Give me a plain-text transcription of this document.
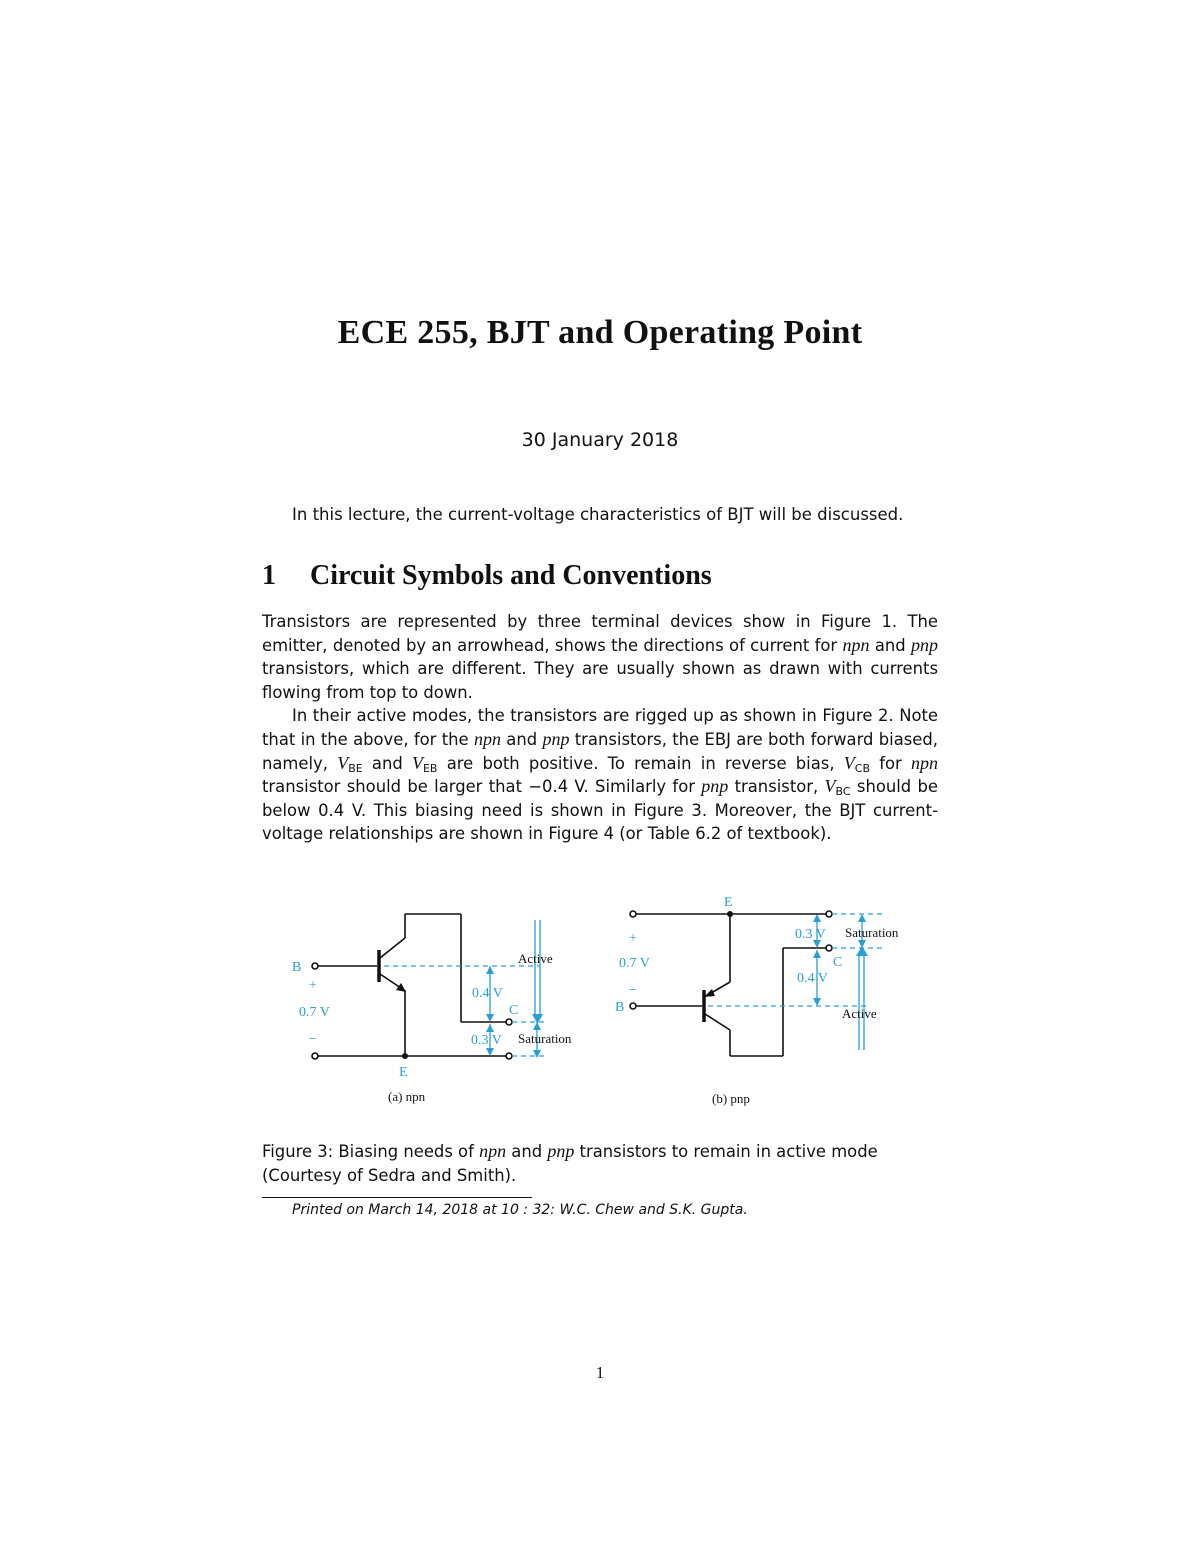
ECE 255, BJT and Operating Point
30 January 2018
In this lecture, the current-voltage characteristics of BJT will be discussed.
1 Circuit Symbols and Conventions

Transistors are represented by three terminal devices show in Figure 1. The emitter, denoted by an arrowhead, shows the directions of current for npn and pnp transistors, which are different. They are usually shown as drawn with currents flowing from top to down.

In their active modes, the transistors are rigged up as shown in Figure 2. Note that in the above, for the npn and pnp transistors, the EBJ are both forward biased, namely, $V_{BE}$ and $V_{EB}$ are both positive. To remain in reverse bias, $V_{CB}$ for npn transistor should be larger that −0.4 V. Similarly for pnp transistor, $V_{BC}$ should be below 0.4 V. This biasing need is shown in Figure 3. Moreover, the BJT current-voltage relationships are shown in Figure 4 (or Table 6.2 of textbook).

B
+
0.7 V
−
E
C
Active
0.4 V
0.3 V Saturation
(a) npn
E
+
0.7 V
−
B
C
0.3 V Saturation
0.4 V
Active
(b) pnp
Figure 3: Biasing needs of npn and pnp transistors to remain in active mode (Courtesy of Sedra and Smith).
Printed on March 14, 2018 at 10 : 32: W.C. Chew and S.K. Gupta.
1
